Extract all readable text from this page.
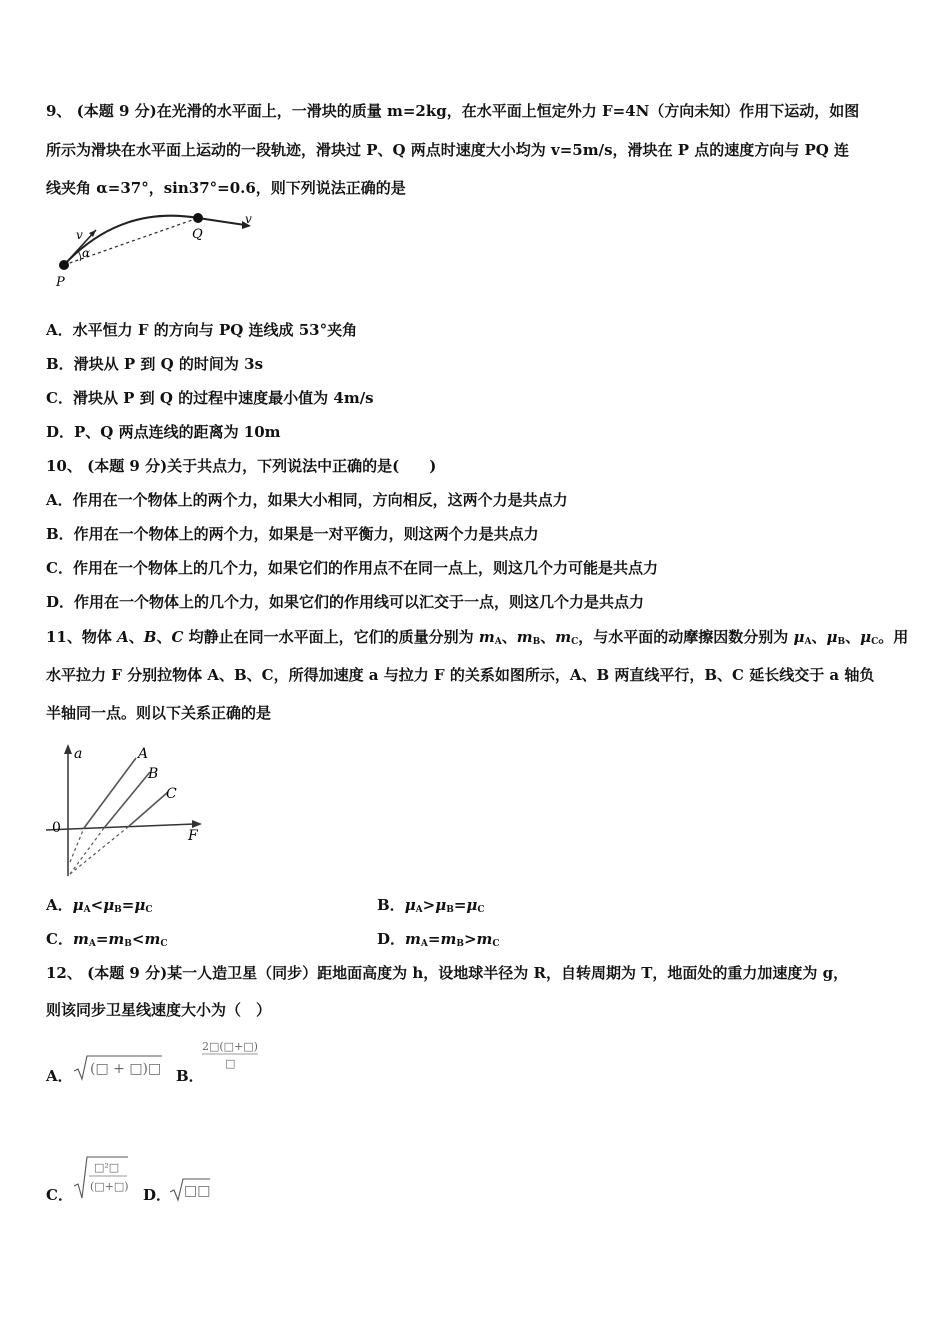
9、 (本题 9 分)在光滑的水平面上，一滑块的质量 m=2kg，在水平面上恒定外力 F=4N（方向未知）作用下运动，如图
所示为滑块在水平面上运动的一段轨迹，滑块过 P、Q 两点时速度大小均为 v=5m/s，滑块在 P 点的速度方向与 PQ 连
线夹角 α=37°，sin37°=0.6，则下列说法正确的是
v
α
P
Q
v
A．水平恒力 F 的方向与 PQ 连线成 53°夹角
B．滑块从 P 到 Q 的时间为 3s
C．滑块从 P 到 Q 的过程中速度最小值为 4m/s
D．P、Q 两点连线的距离为 10m
10、 (本题 9 分)关于共点力，下列说法中正确的是(　　)
A．作用在一个物体上的两个力，如果大小相同，方向相反，这两个力是共点力
B．作用在一个物体上的两个力，如果是一对平衡力，则这两个力是共点力
C．作用在一个物体上的几个力，如果它们的作用点不在同一点上，则这几个力可能是共点力
D．作用在一个物体上的几个力，如果它们的作用线可以汇交于一点，则这几个力是共点力
11、物体 A、B、C 均静止在同一水平面上，它们的质量分别为 $m_A$、$m_B$、$m_C$，与水平面的动摩擦因数分别为 $\mu_A$、$\mu_B$、$\mu_C$。用
水平拉力 F 分别拉物体 A、B、C，所得加速度 a 与拉力 F 的关系如图所示，A、B 两直线平行，B、C 延长线交于 a 轴负
半轴同一点。则以下关系正确的是
a	A
B
C
0	F
A．$\mu_A<\mu_B=\mu_C$	B．$\mu_A>\mu_B=\mu_C$
C．$m_A=m_B<m_C$	D．$m_A=m_B>m_C$
12、 (本题 9 分)某一人造卫星（同步）距地面高度为 h，设地球半径为 R，自转周期为 T，地面处的重力加速度为 g，
则该同步卫星线速度大小为（　）
A． (□ + □)□ B．
2□(□+□)
□
C．
□²□
(□+□) D． □□
